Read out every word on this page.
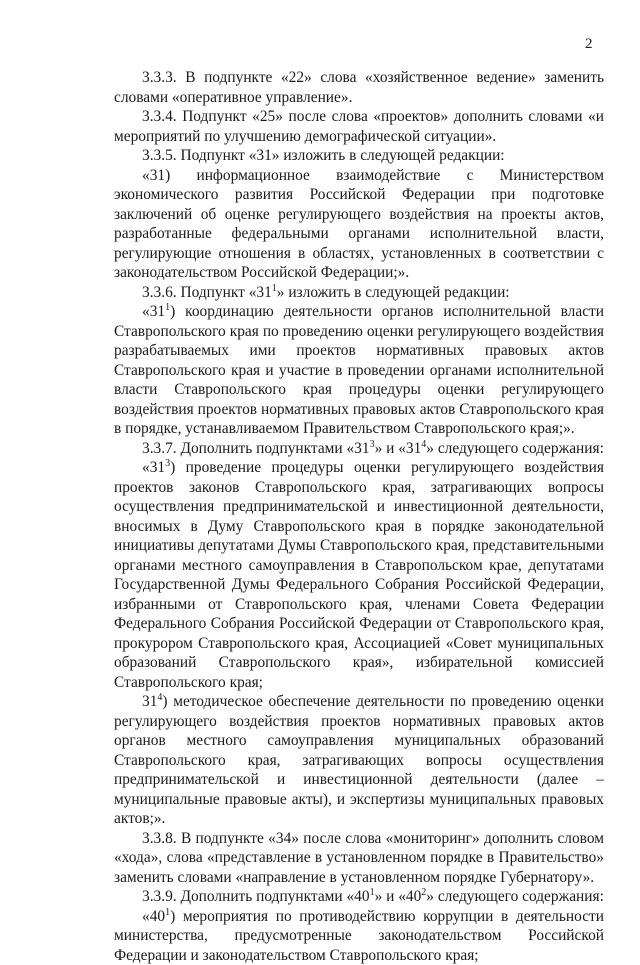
2

3.3.3. В подпункте «22» слова «хозяйственное ведение» заменить словами «оперативное управление».

3.3.4. Подпункт «25» после слова «проектов» дополнить словами «и мероприятий по улучшению демографической ситуации».

3.3.5. Подпункт «31» изложить в следующей редакции:

«31) информационное взаимодействие с Министерством экономического развития Российской Федерации при подготовке заключений об оценке регулирующего воздействия на проекты актов, разработанные федеральными органами исполнительной власти, регулирующие отношения в областях, установленных в соответствии с законодательством Российской Федерации;».

3.3.6. Подпункт «$31^1$» изложить в следующей редакции:

«$31^1$) координацию деятельности органов исполнительной власти Ставропольского края по проведению оценки регулирующего воздействия разрабатываемых ими проектов нормативных правовых актов Ставропольского края и участие в проведении органами исполнительной власти Ставропольского края процедуры оценки регулирующего воздействия проектов нормативных правовых актов Ставропольского края в порядке, устанавливаемом Правительством Ставропольского края;».

3.3.7. Дополнить подпунктами «$31^3$» и «$31^4$» следующего содержания:

«$31^3$) проведение процедуры оценки регулирующего воздействия проектов законов Ставропольского края, затрагивающих вопросы осуществления предпринимательской и инвестиционной деятельности, вносимых в Думу Ставропольского края в порядке законодательной инициативы депутатами Думы Ставропольского края, представительными органами местного самоуправления в Ставропольском крае, депутатами Государственной Думы Федерального Собрания Российской Федерации, избранными от Ставропольского края, членами Совета Федерации Федерального Собрания Российской Федерации от Ставропольского края, прокурором Ставропольского края, Ассоциацией «Совет муниципальных образований Ставропольского края», избирательной комиссией Ставропольского края;

$31^4$) методическое обеспечение деятельности по проведению оценки регулирующего воздействия проектов нормативных правовых актов органов местного самоуправления муниципальных образований Ставропольского края, затрагивающих вопросы осуществления предпринимательской и инвестиционной деятельности (далее – муниципальные правовые акты), и экспертизы муниципальных правовых актов;».

3.3.8. В подпункте «34» после слова «мониторинг» дополнить словом «хода», слова «представление в установленном порядке в Правительство» заменить словами «направление в установленном порядке Губернатору».

3.3.9. Дополнить подпунктами «$40^1$» и «$40^2$» следующего содержания:

«$40^1$) мероприятия по противодействию коррупции в деятельности министерства, предусмотренные законодательством Российской Федерации и законодательством Ставропольского края;
